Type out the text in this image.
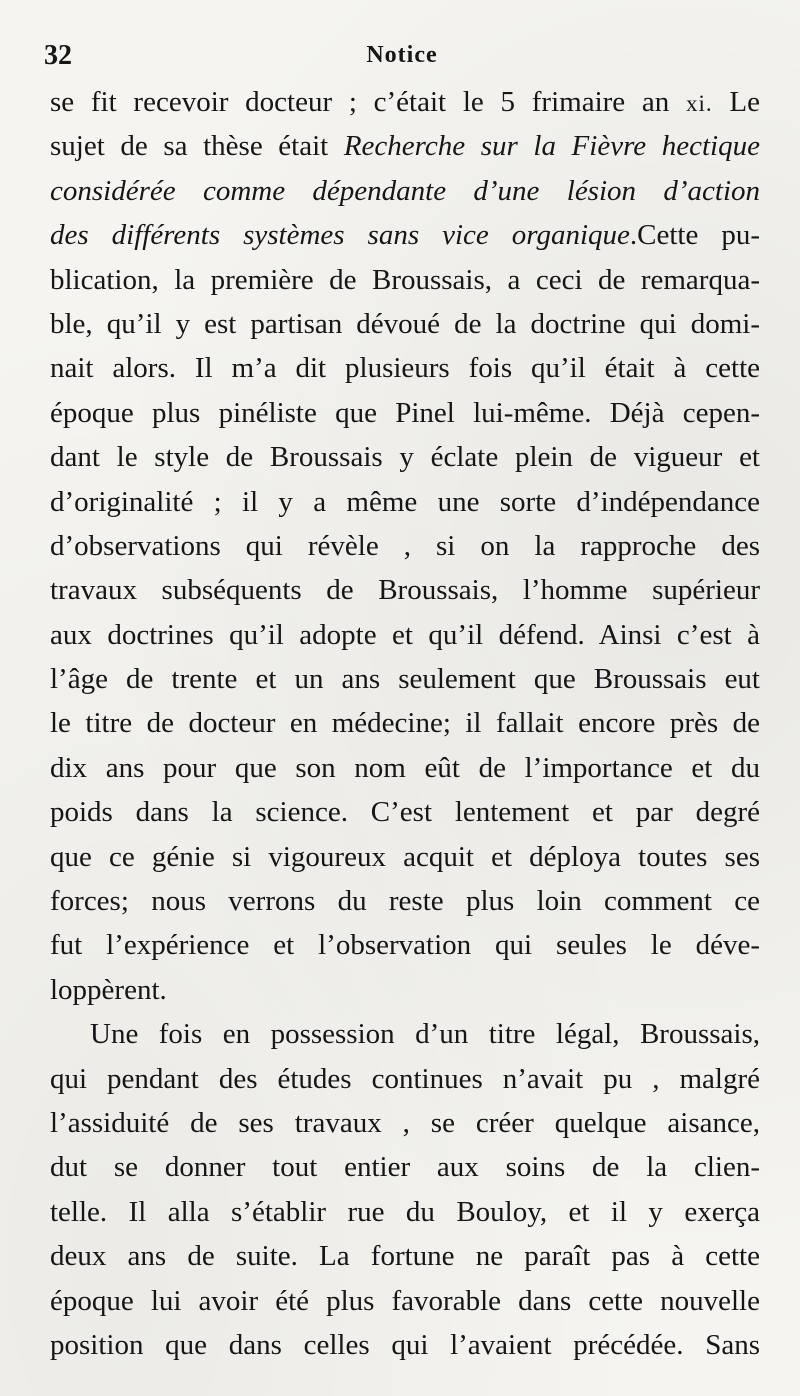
32	Notice
se fit recevoir docteur ; c’était le 5 frimaire an xi. Le
sujet de sa thèse était Recherche sur la Fièvre hectique
considérée comme dépendante d’une lésion d’action
des différents systèmes sans vice organique.Cette pu-
blication, la première de Broussais, a ceci de remarqua-
ble, qu’il y est partisan dévoué de la doctrine qui domi-
nait alors. Il m’a dit plusieurs fois qu’il était à cette
époque plus pinéliste que Pinel lui-même. Déjà cepen-
dant le style de Broussais y éclate plein de vigueur et
d’originalité ; il y a même une sorte d’indépendance
d’observations qui révèle , si on la rapproche des
travaux subséquents de Broussais, l’homme supérieur
aux doctrines qu’il adopte et qu’il défend. Ainsi c’est à
l’âge de trente et un ans seulement que Broussais eut
le titre de docteur en médecine; il fallait encore près de
dix ans pour que son nom eût de l’importance et du
poids dans la science. C’est lentement et par degré
que ce génie si vigoureux acquit et déploya toutes ses
forces; nous verrons du reste plus loin comment ce
fut l’expérience et l’observation qui seules le déve-
loppèrent.
Une fois en possession d’un titre légal, Broussais,
qui pendant des études continues n’avait pu , malgré
l’assiduité de ses travaux , se créer quelque aisance,
dut se donner tout entier aux soins de la clien-
telle. Il alla s’établir rue du Bouloy, et il y exerça
deux ans de suite. La fortune ne paraît pas à cette
époque lui avoir été plus favorable dans cette nouvelle
position que dans celles qui l’avaient précédée. Sans
